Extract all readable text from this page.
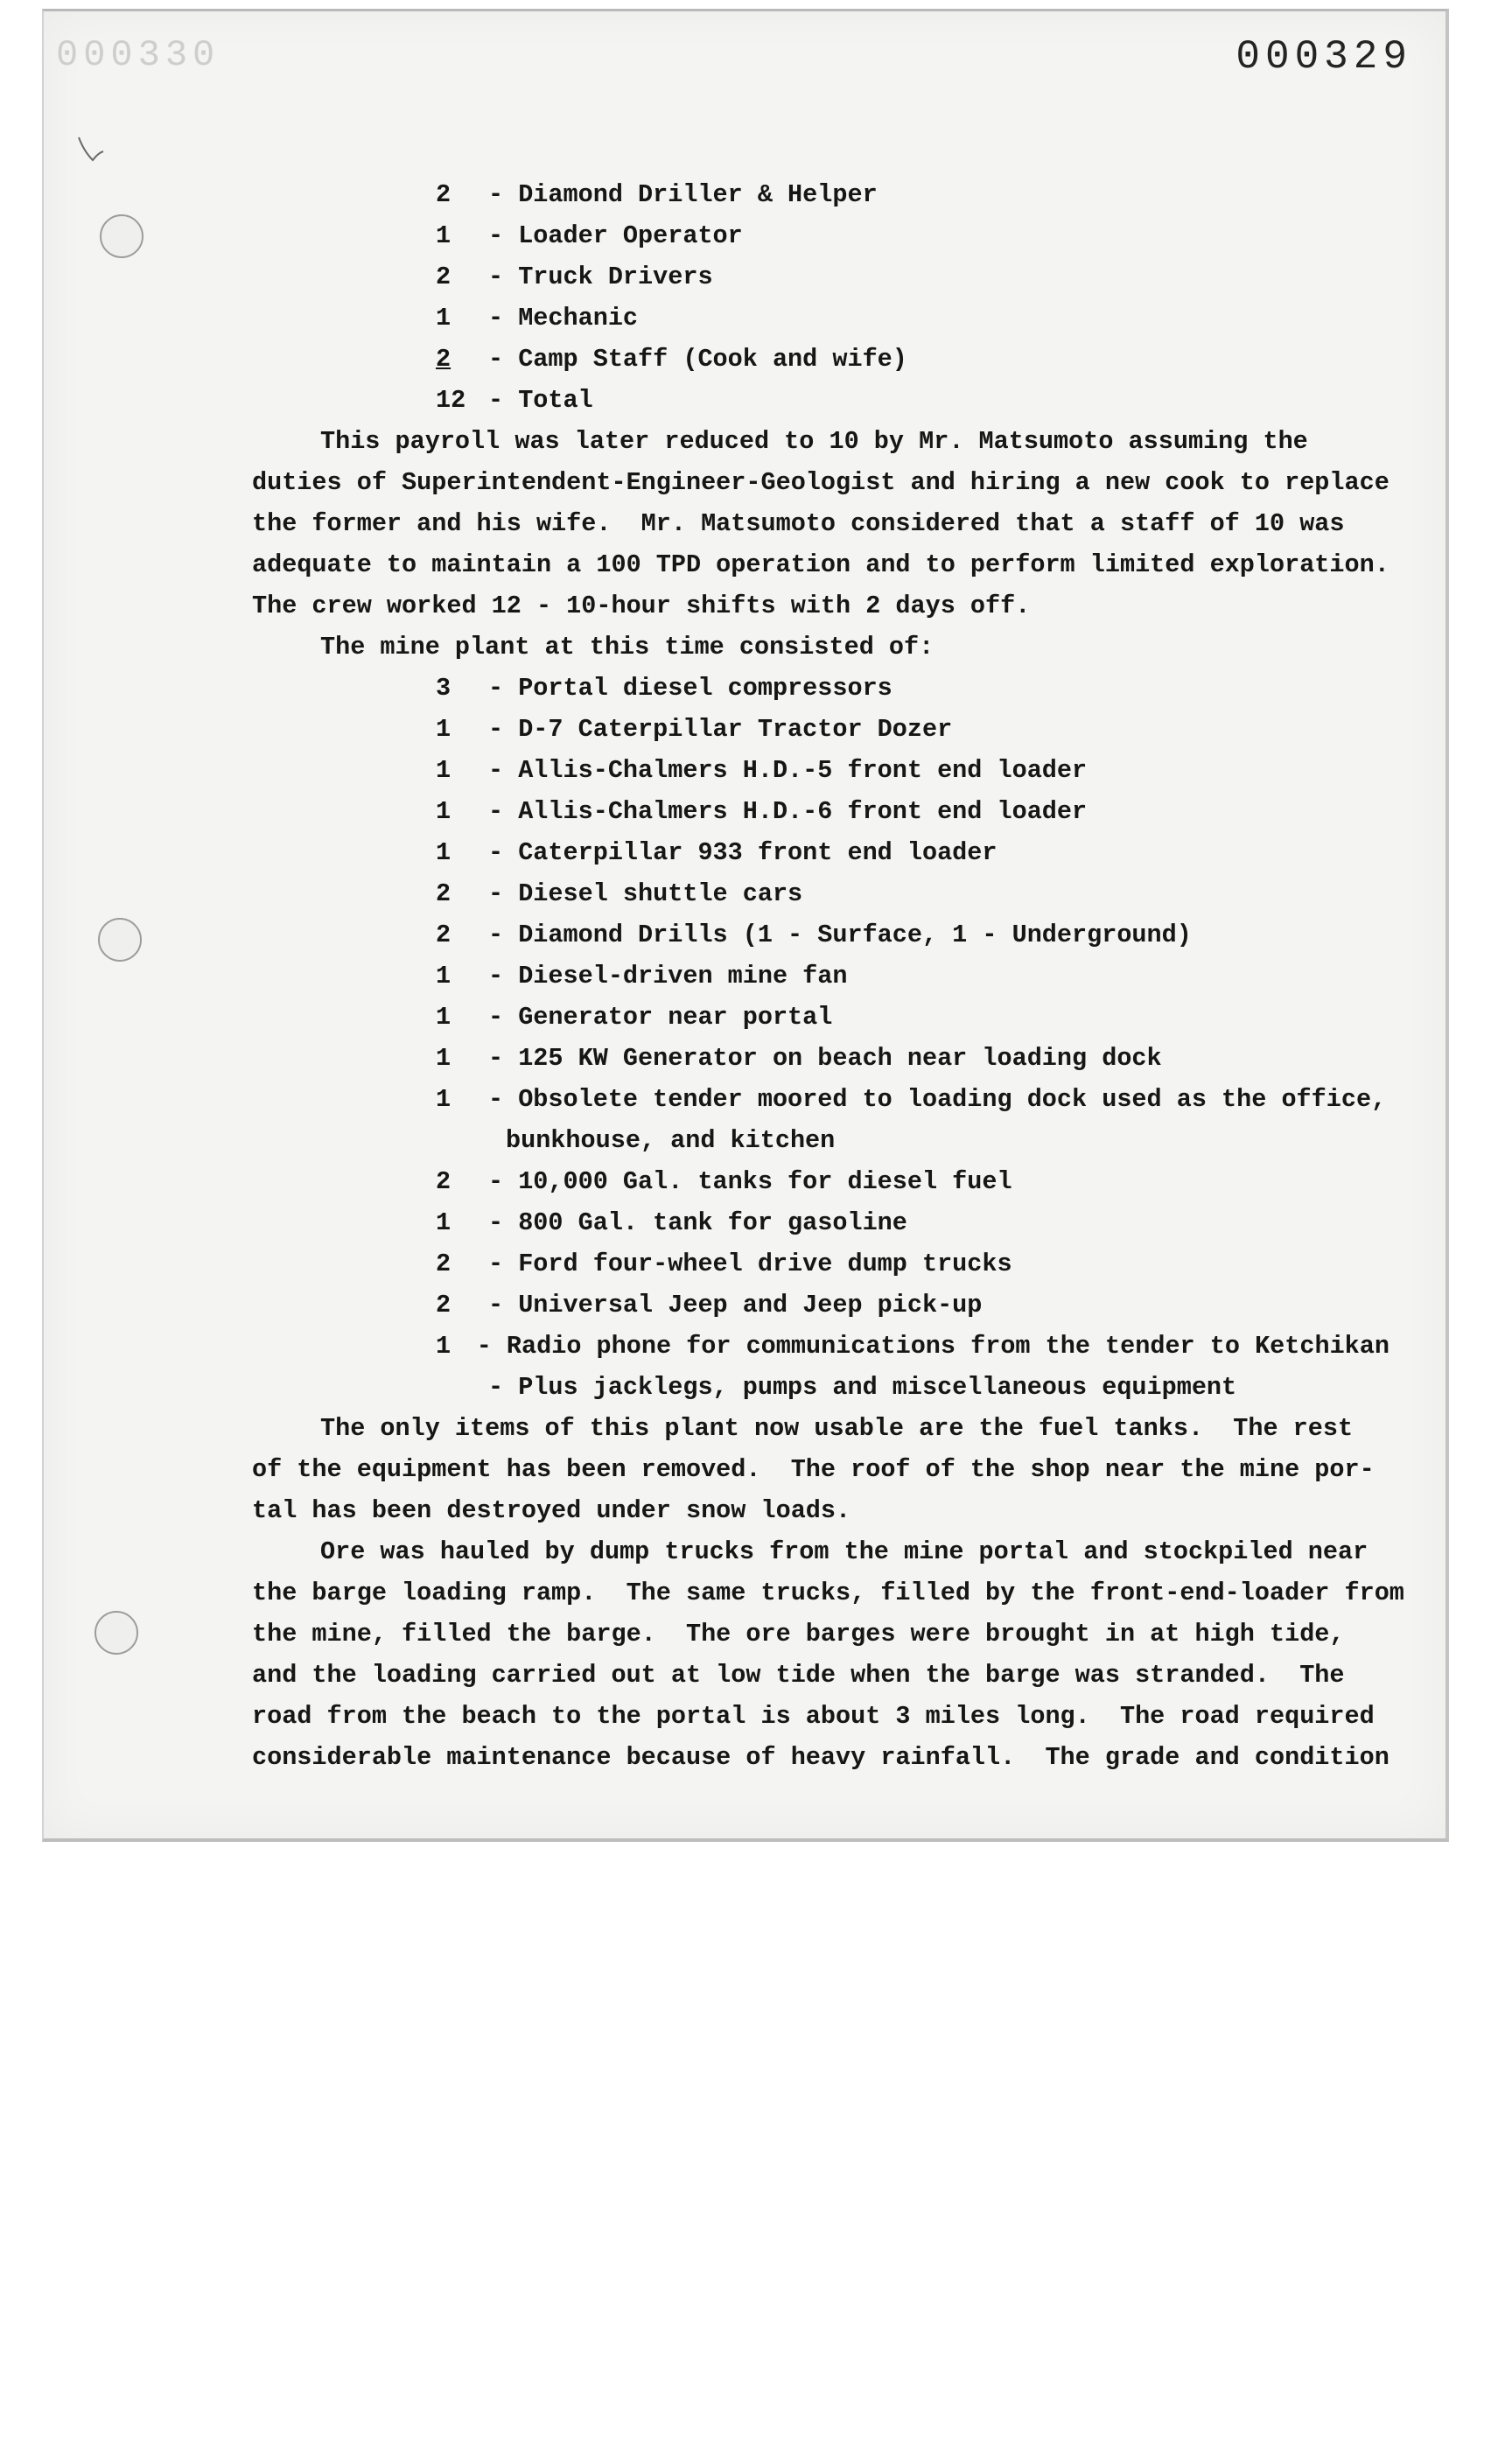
000330	000329
2	- Diamond Driller & Helper
1	- Loader Operator
2	- Truck Drivers
1	- Mechanic
2	- Camp Staff (Cook and wife)
12 - Total
This payroll was later reduced to 10 by Mr. Matsumoto assuming the
duties of Superintendent-Engineer-Geologist and hiring a new cook to replace
the former and his wife.  Mr. Matsumoto considered that a staff of 10 was
adequate to maintain a 100 TPD operation and to perform limited exploration.
The crew worked 12 - 10-hour shifts with 2 days off.
The mine plant at this time consisted of:
3	- Portal diesel compressors
1	- D-7 Caterpillar Tractor Dozer
1	- Allis-Chalmers H.D.-5 front end loader
1	- Allis-Chalmers H.D.-6 front end loader
1	- Caterpillar 933 front end loader
2	- Diesel shuttle cars
2	- Diamond Drills (1 - Surface, 1 - Underground)
1	- Diesel-driven mine fan
1	- Generator near portal
1	- 125 KW Generator on beach near loading dock
1	- Obsolete tender moored to loading dock used as the office,
bunkhouse, and kitchen
2	- 10,000 Gal. tanks for diesel fuel
1	- 800 Gal. tank for gasoline
2	- Ford four-wheel drive dump trucks
2	- Universal Jeep and Jeep pick-up
1	- Radio phone for communications from the tender to Ketchikan
- Plus jacklegs, pumps and miscellaneous equipment
The only items of this plant now usable are the fuel tanks.  The rest
of the equipment has been removed.  The roof of the shop near the mine por-
tal has been destroyed under snow loads.
Ore was hauled by dump trucks from the mine portal and stockpiled near
the barge loading ramp.  The same trucks, filled by the front-end-loader from
the mine, filled the barge.  The ore barges were brought in at high tide,
and the loading carried out at low tide when the barge was stranded.  The
road from the beach to the portal is about 3 miles long.  The road required
considerable maintenance because of heavy rainfall.  The grade and condition
